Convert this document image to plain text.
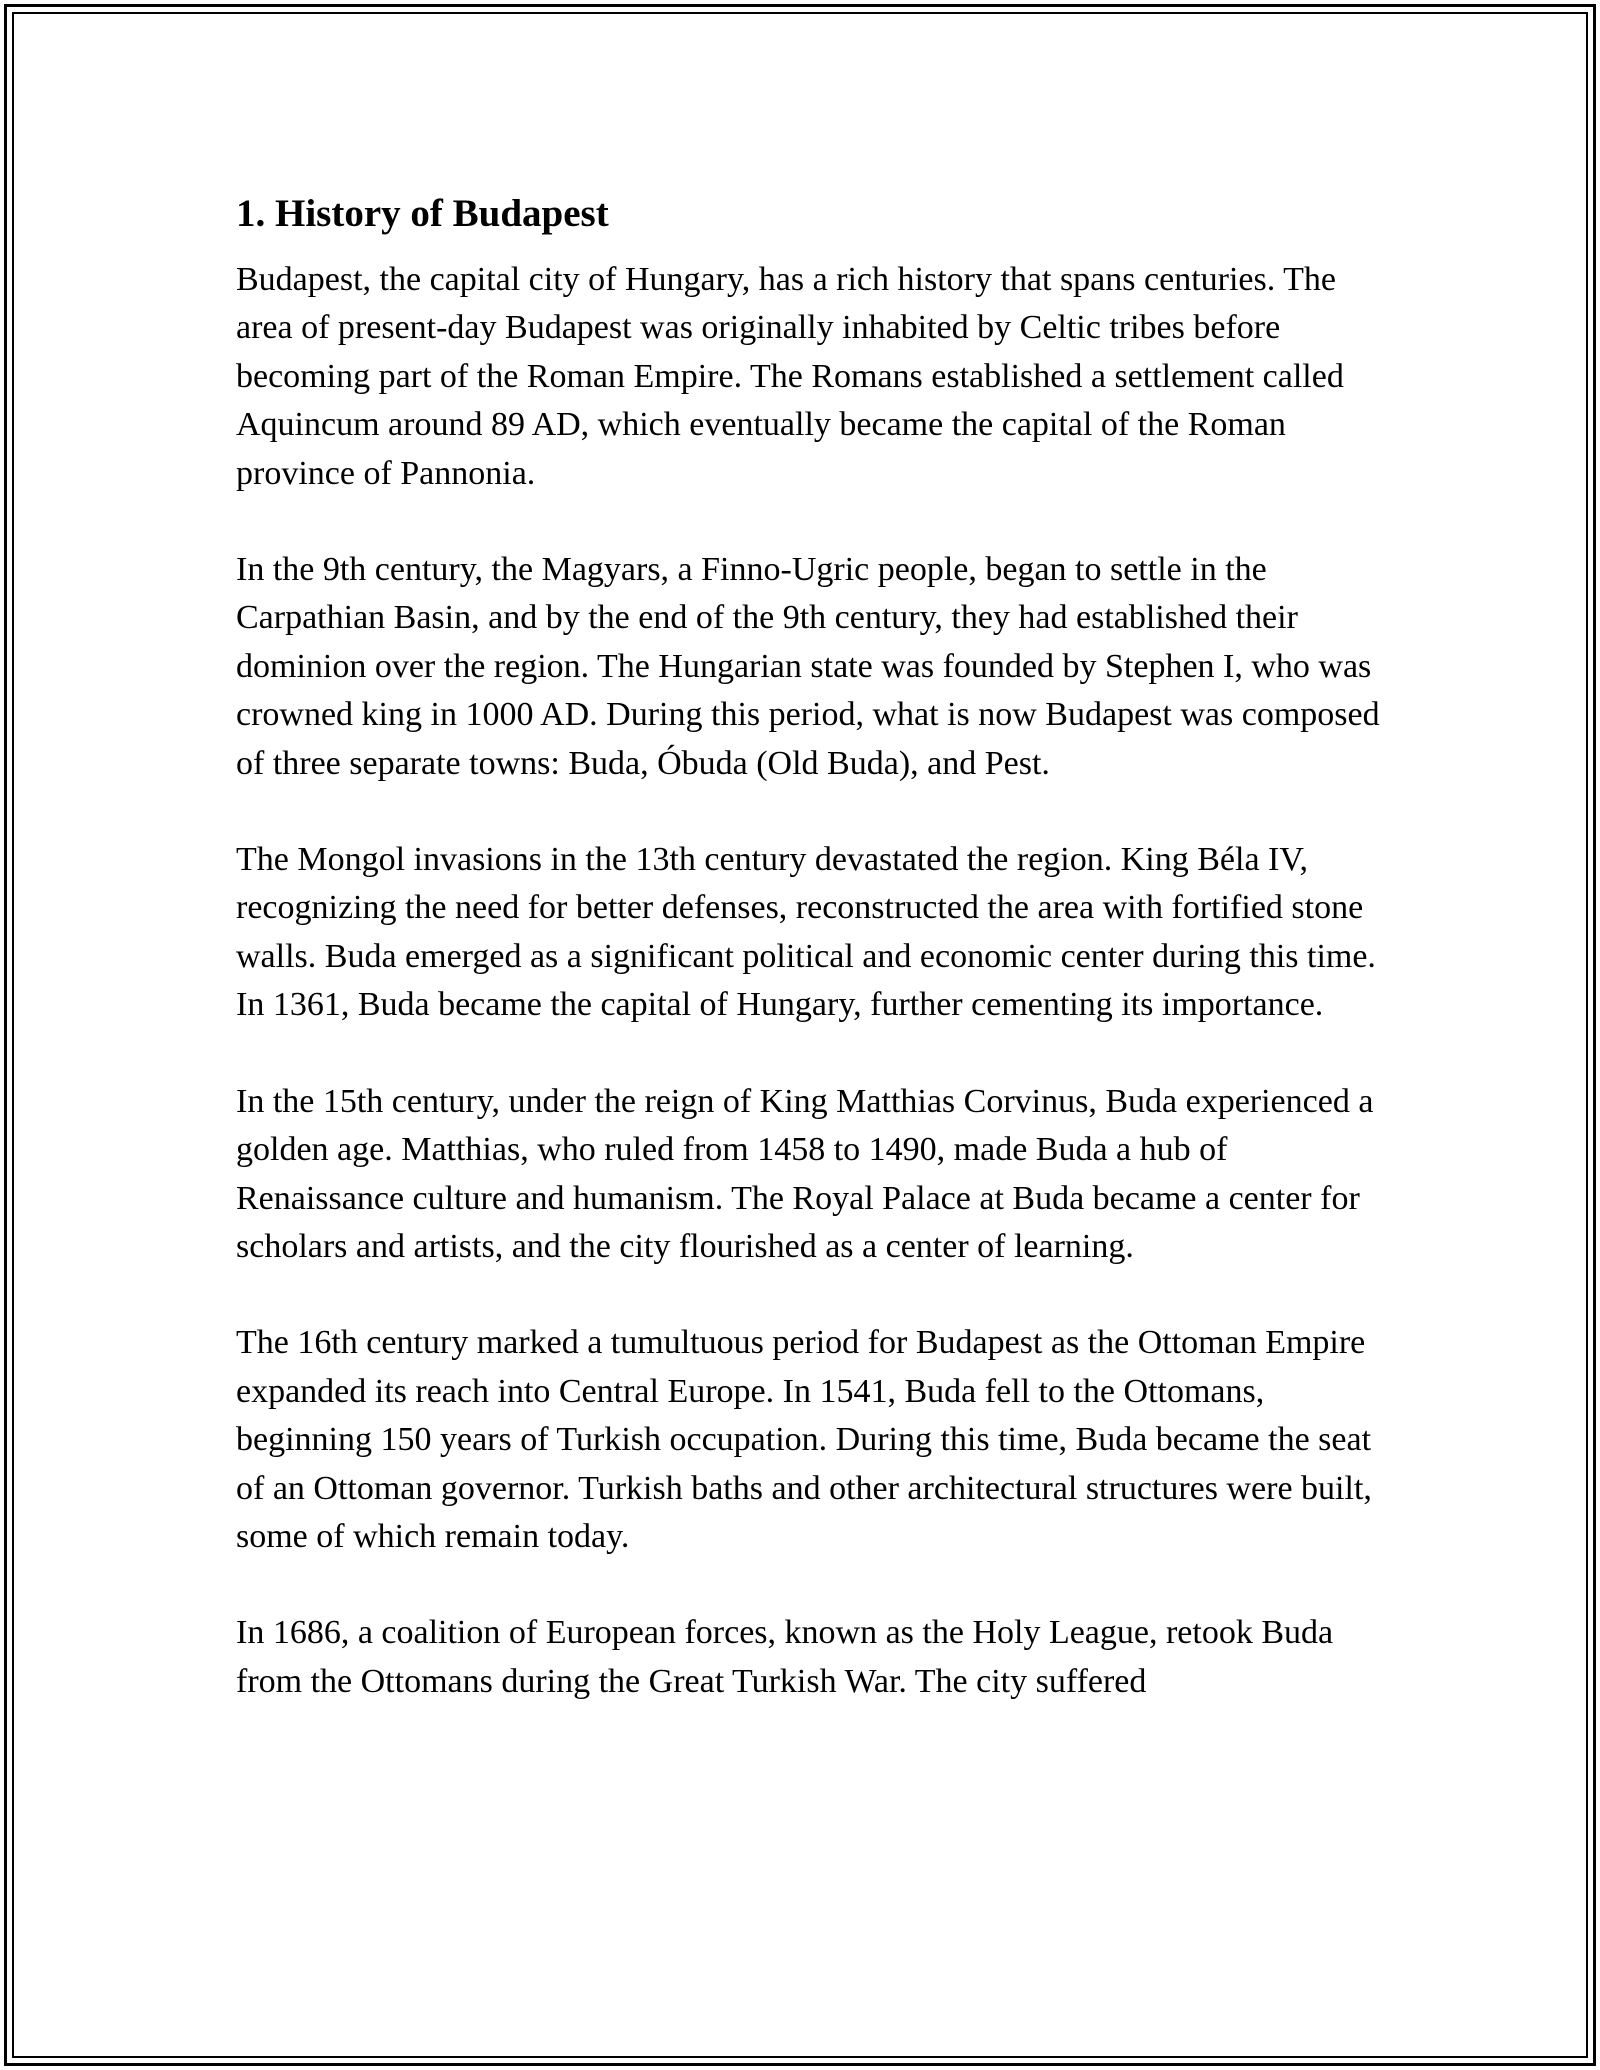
1. History of Budapest

Budapest, the capital city of Hungary, has a rich history that spans centuries. The area of present-day Budapest was originally inhabited by Celtic tribes before becoming part of the Roman Empire. The Romans established a settlement called Aquincum around 89 AD, which eventually became the capital of the Roman province of Pannonia.

In the 9th century, the Magyars, a Finno-Ugric people, began to settle in the Carpathian Basin, and by the end of the 9th century, they had established their dominion over the region. The Hungarian state was founded by Stephen I, who was crowned king in 1000 AD. During this period, what is now Budapest was composed of three separate towns: Buda, Óbuda (Old Buda), and Pest.

The Mongol invasions in the 13th century devastated the region. King Béla IV, recognizing the need for better defenses, reconstructed the area with fortified stone walls. Buda emerged as a significant political and economic center during this time. In 1361, Buda became the capital of Hungary, further cementing its importance.

In the 15th century, under the reign of King Matthias Corvinus, Buda experienced a golden age. Matthias, who ruled from 1458 to 1490, made Buda a hub of Renaissance culture and humanism. The Royal Palace at Buda became a center for scholars and artists, and the city flourished as a center of learning.

The 16th century marked a tumultuous period for Budapest as the Ottoman Empire expanded its reach into Central Europe. In 1541, Buda fell to the Ottomans, beginning 150 years of Turkish occupation. During this time, Buda became the seat of an Ottoman governor. Turkish baths and other architectural structures were built, some of which remain today.

In 1686, a coalition of European forces, known as the Holy League, retook Buda from the Ottomans during the Great Turkish War. The city suffered
